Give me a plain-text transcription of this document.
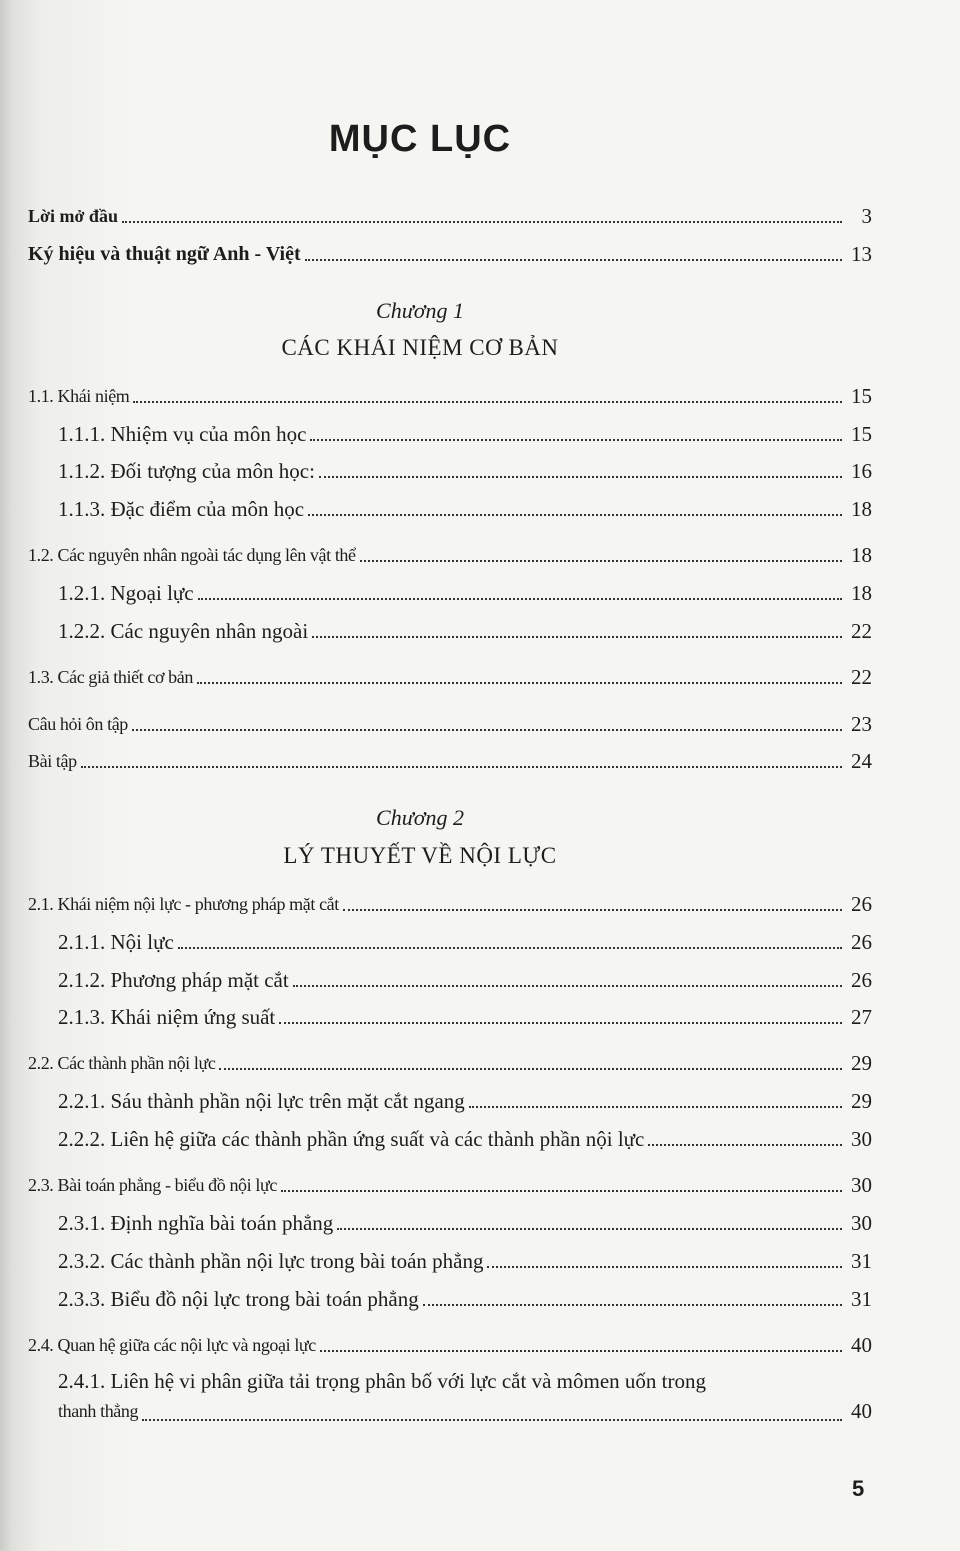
MỤC LỤC
Lời mở đầu	3
Ký hiệu và thuật ngữ Anh - Việt	13
Chương 1
CÁC KHÁI NIỆM CƠ BẢN
1.1. Khái niệm	15
1.1.1. Nhiệm vụ của môn học	15
1.1.2. Đối tượng của môn học:	16
1.1.3. Đặc điểm của môn học	18
1.2. Các nguyên nhân ngoài tác dụng lên vật thể	18
1.2.1. Ngoại lực	18
1.2.2. Các nguyên nhân ngoài	22
1.3. Các giả thiết cơ bản	22
Câu hỏi ôn tập	23
Bài tập	24
Chương 2
LÝ THUYẾT VỀ NỘI LỰC
2.1. Khái niệm nội lực - phương pháp mặt cắt	26
2.1.1. Nội lực	26
2.1.2. Phương pháp mặt cắt	26
2.1.3. Khái niệm ứng suất	27
2.2. Các thành phần nội lực	29
2.2.1. Sáu thành phần nội lực trên mặt cắt ngang	29
2.2.2. Liên hệ giữa các thành phần ứng suất và các thành phần nội lực	30
2.3. Bài toán phẳng - biểu đồ nội lực	30
2.3.1. Định nghĩa bài toán phẳng	30
2.3.2. Các thành phần nội lực trong bài toán phẳng	31
2.3.3. Biểu đồ nội lực trong bài toán phẳng	31
2.4. Quan hệ giữa các nội lực và ngoại lực	40
2.4.1. Liên hệ vi phân giữa tải trọng phân bố với lực cắt và mômen uốn trong
thanh thẳng	40
5
